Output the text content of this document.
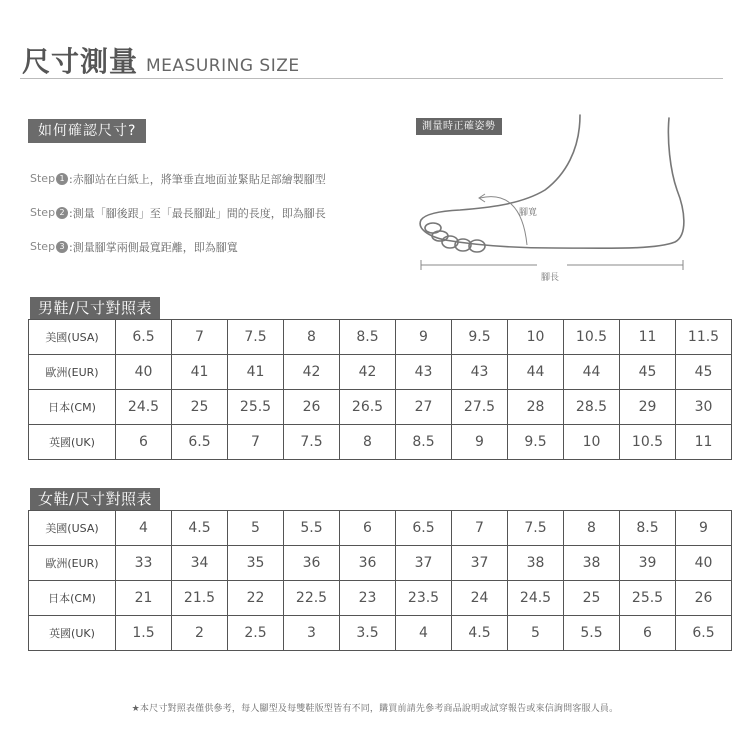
尺寸測量 MEASURING SIZE
如何確認尺寸?
Step 1 :赤腳站在白紙上，將筆垂直地面並緊貼足部繪製腳型
Step 2 :測量「腳後跟」至「最長腳趾」間的長度，即為腳長
Step 3 :測量腳掌兩側最寬距離，即為腳寬
測量時正確姿勢
腳寬
腳長
男鞋/尺寸對照表
美國(USA)	6.5	7	7.5	8	8.5	9	9.5	10	10.5	11	11.5
歐洲(EUR)	40	41	41	42	42	43	43	44	44	45	45
日本(CM)	24.5	25	25.5	26	26.5	27	27.5	28	28.5	29	30
英國(UK)	6	6.5	7	7.5	8	8.5	9	9.5	10	10.5	11
女鞋/尺寸對照表
美國(USA)	4	4.5	5	5.5	6	6.5	7	7.5	8	8.5	9
歐洲(EUR)	33	34	35	36	36	37	37	38	38	39	40
日本(CM)	21	21.5	22	22.5	23	23.5	24	24.5	25	25.5	26
英國(UK)	1.5	2	2.5	3	3.5	4	4.5	5	5.5	6	6.5
★本尺寸對照表僅供參考，每人腳型及每雙鞋版型皆有不同，購買前請先參考商品說明或試穿報告或來信詢問客服人員。
